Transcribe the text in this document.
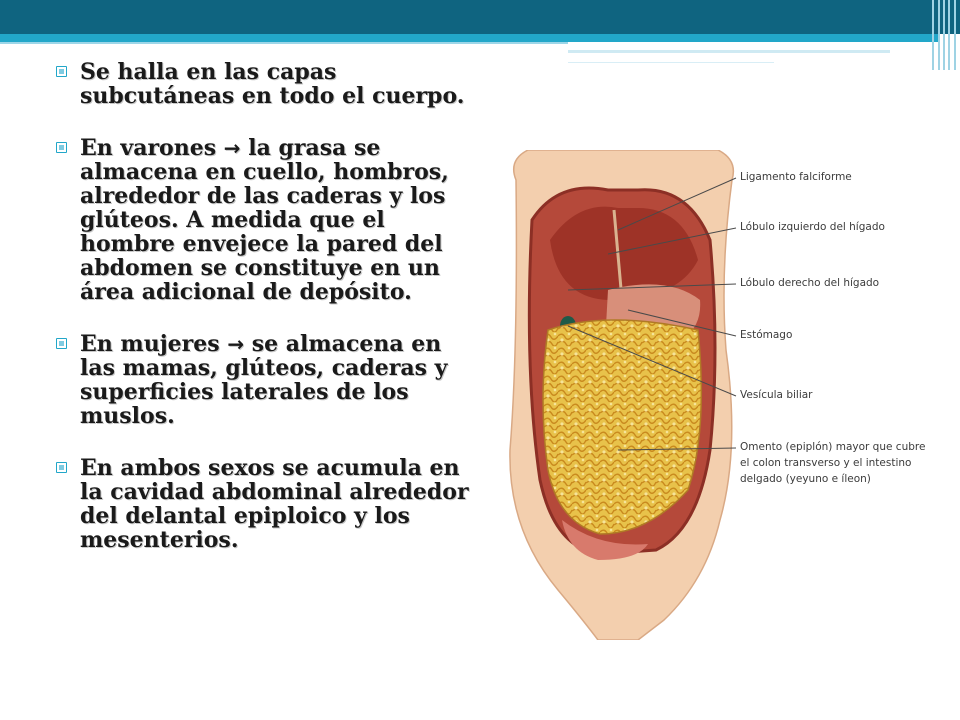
Se halla en las capas subcutáneas en todo el cuerpo.
En varones → la grasa se almacena en cuello, hombros, alrededor de las caderas y los glúteos. A medida que el hombre envejece la pared del abdomen se constituye en un área adicional de depósito.
En mujeres → se almacena en las mamas, glúteos, caderas y superficies laterales de los muslos.
En ambos sexos se acumula en la cavidad abdominal alrededor del delantal epiploico y los mesenterios.
Ligamento falciforme
Lóbulo izquierdo del hígado
Lóbulo derecho del hígado
Estómago
Vesícula biliar
Omento (epiplón) mayor que cubre
el colon transverso y el intestino
delgado (yeyuno e íleon)
